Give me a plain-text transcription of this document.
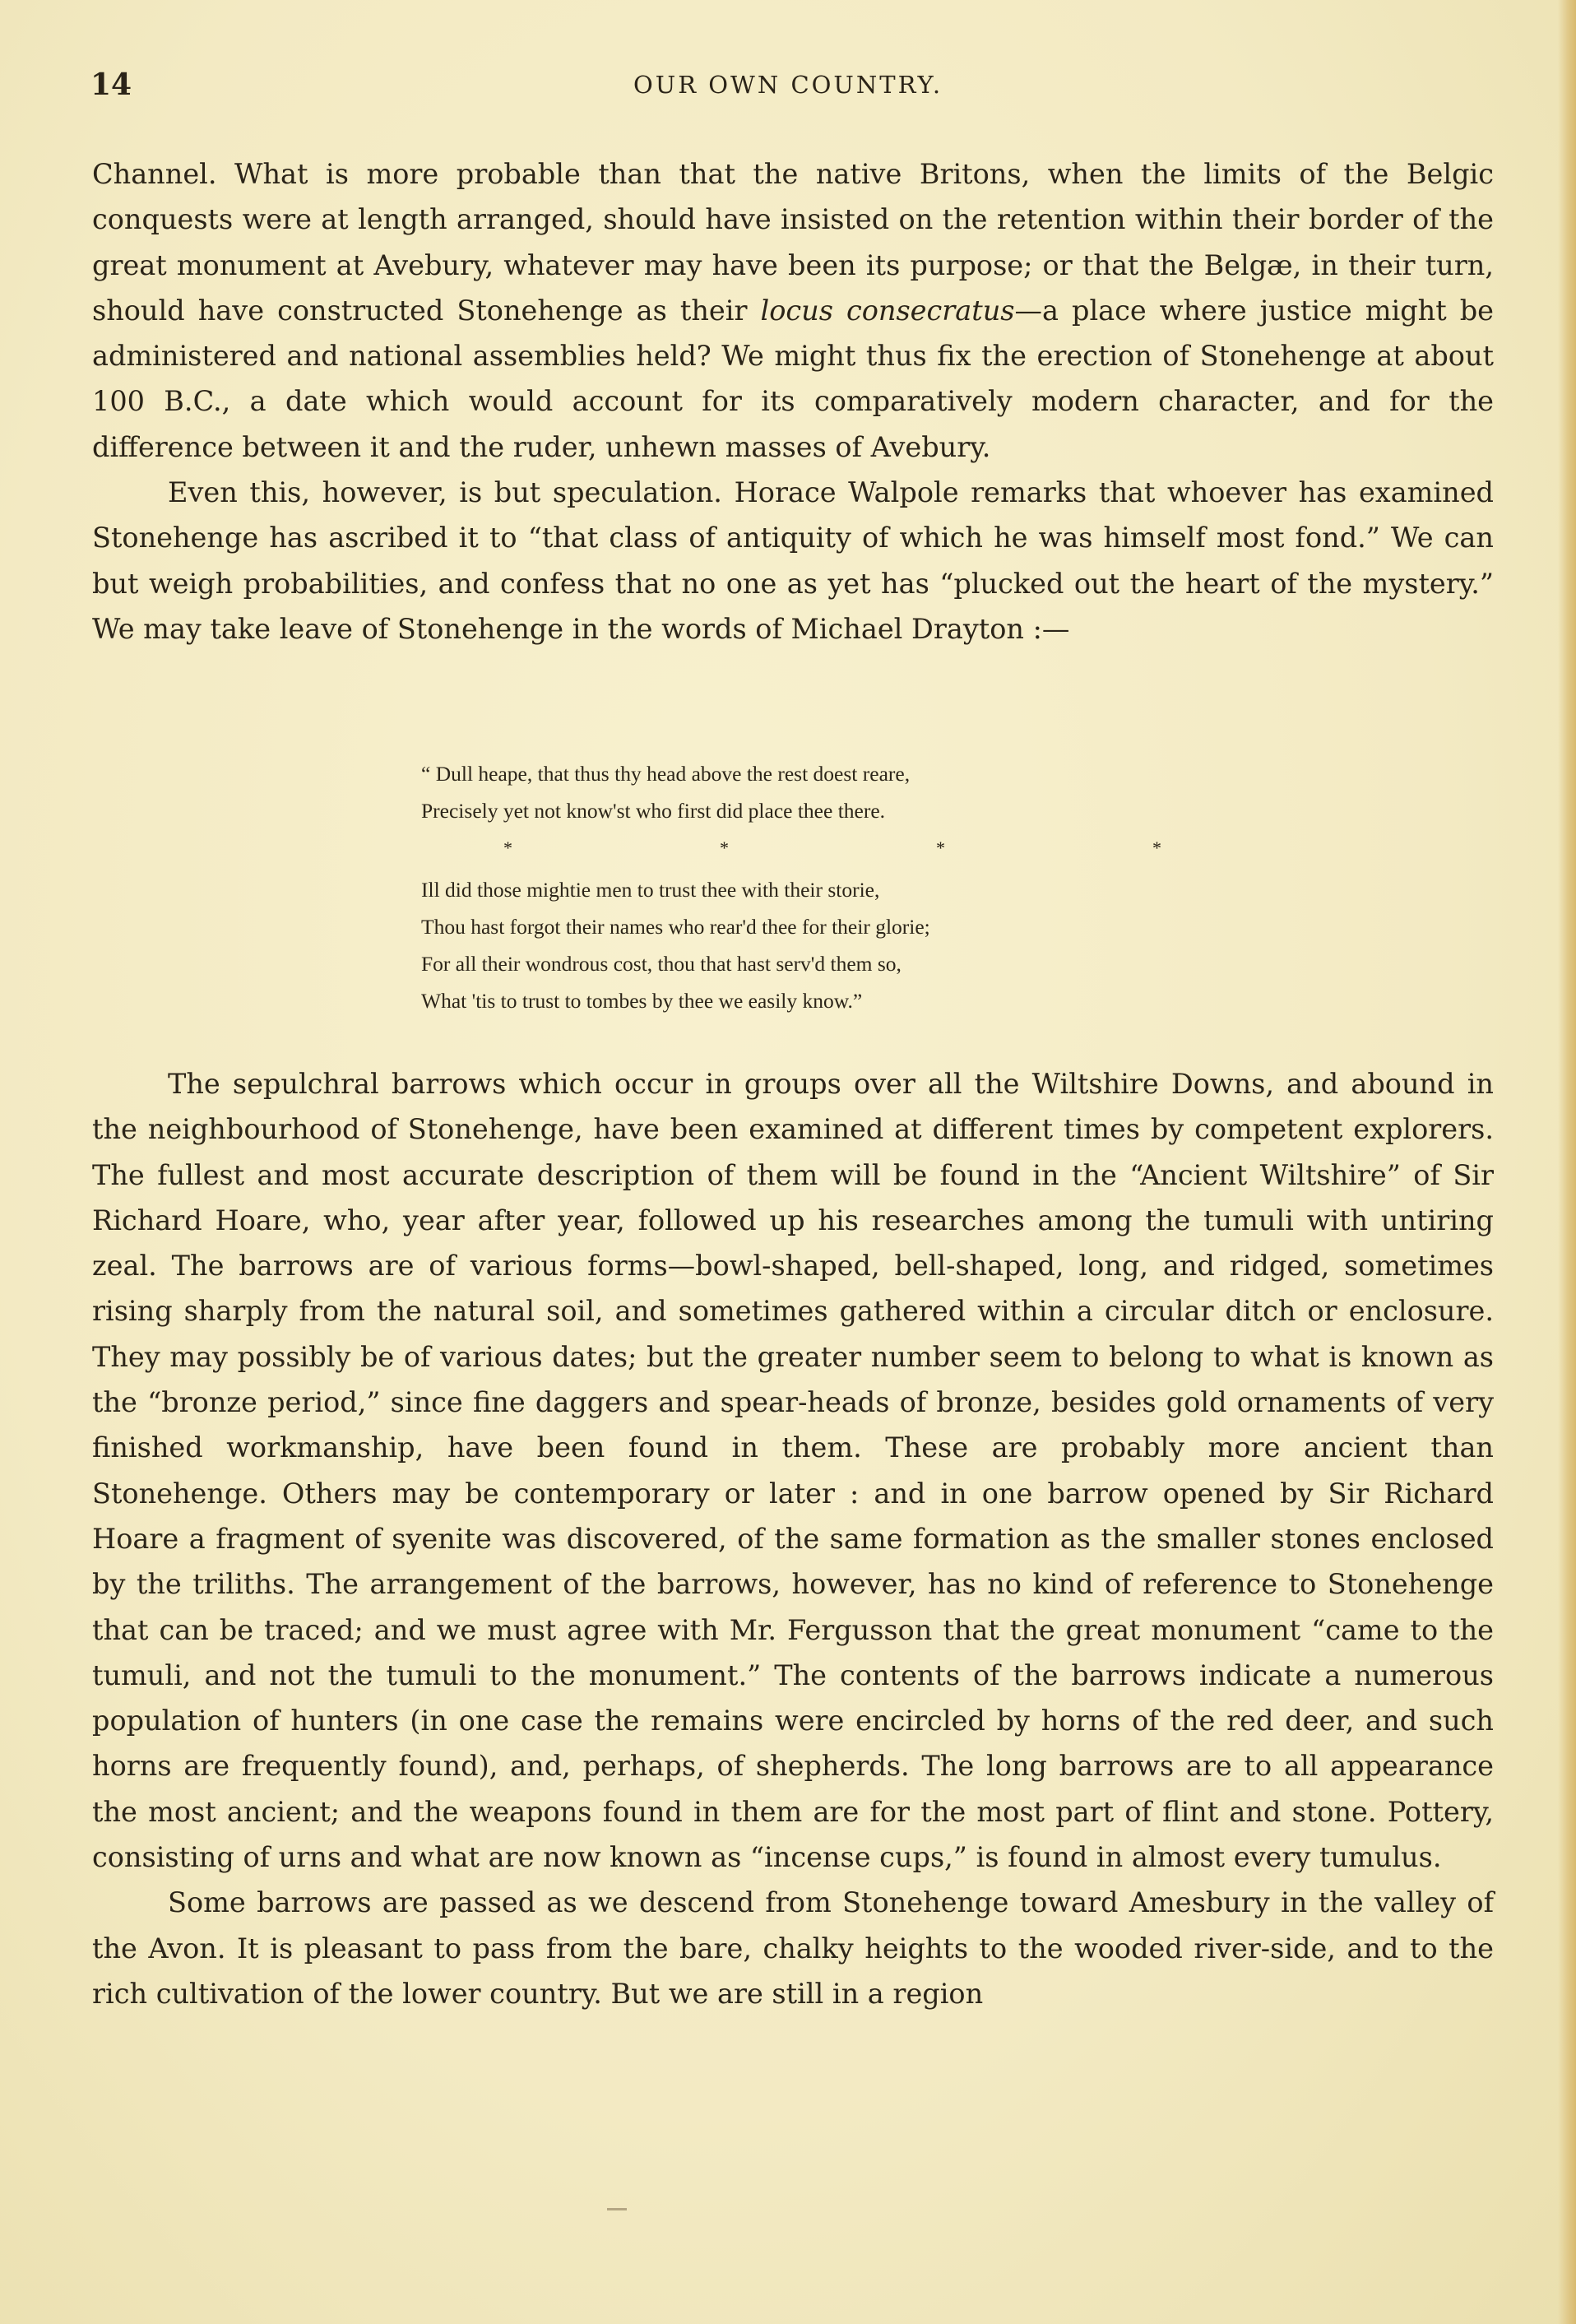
14	OUR OWN COUNTRY.

Channel. What is more probable than that the native Britons, when the limits of the Belgic conquests were at length arranged, should have insisted on the retention within their border of the great monument at Avebury, whatever may have been its purpose; or that the Belgæ, in their turn, should have constructed Stonehenge as their locus consecratus—a place where justice might be administered and national assemblies held? We might thus fix the erection of Stonehenge at about 100 B.C., a date which would account for its comparatively modern character, and for the difference between it and the ruder, unhewn masses of Avebury.

Even this, however, is but speculation. Horace Walpole remarks that whoever has examined Stonehenge has ascribed it to “that class of antiquity of which he was himself most fond.” We can but weigh probabilities, and confess that no one as yet has “plucked out the heart of the mystery.” We may take leave of Stonehenge in the words of Michael Drayton :—

“ Dull heape, that thus thy head above the rest doest reare,
Precisely yet not know'st who first did place thee there.
*	*	*	*
Ill did those mightie men to trust thee with their storie,
Thou hast forgot their names who rear'd thee for their glorie;
For all their wondrous cost, thou that hast serv'd them so,
What 'tis to trust to tombes by thee we easily know.”

The sepulchral barrows which occur in groups over all the Wiltshire Downs, and abound in the neighbourhood of Stonehenge, have been examined at different times by competent explorers. The fullest and most accurate description of them will be found in the “Ancient Wiltshire” of Sir Richard Hoare, who, year after year, followed up his researches among the tumuli with untiring zeal. The barrows are of various forms—bowl-shaped, bell-shaped, long, and ridged, sometimes rising sharply from the natural soil, and sometimes gathered within a circular ditch or enclosure. They may possibly be of various dates; but the greater number seem to belong to what is known as the “bronze period,” since fine daggers and spear-heads of bronze, besides gold ornaments of very finished workmanship, have been found in them. These are probably more ancient than Stonehenge. Others may be contemporary or later : and in one barrow opened by Sir Richard Hoare a fragment of syenite was discovered, of the same formation as the smaller stones enclosed by the triliths. The arrangement of the barrows, however, has no kind of reference to Stonehenge that can be traced; and we must agree with Mr. Fergusson that the great monument “came to the tumuli, and not the tumuli to the monument.” The contents of the barrows indicate a numerous population of hunters (in one case the remains were encircled by horns of the red deer, and such horns are frequently found), and, perhaps, of shepherds. The long barrows are to all appearance the most ancient; and the weapons found in them are for the most part of flint and stone. Pottery, consisting of urns and what are now known as “incense cups,” is found in almost every tumulus.

Some barrows are passed as we descend from Stonehenge toward Amesbury in the valley of the Avon. It is pleasant to pass from the bare, chalky heights to the wooded river-side, and to the rich cultivation of the lower country. But we are still in a region
